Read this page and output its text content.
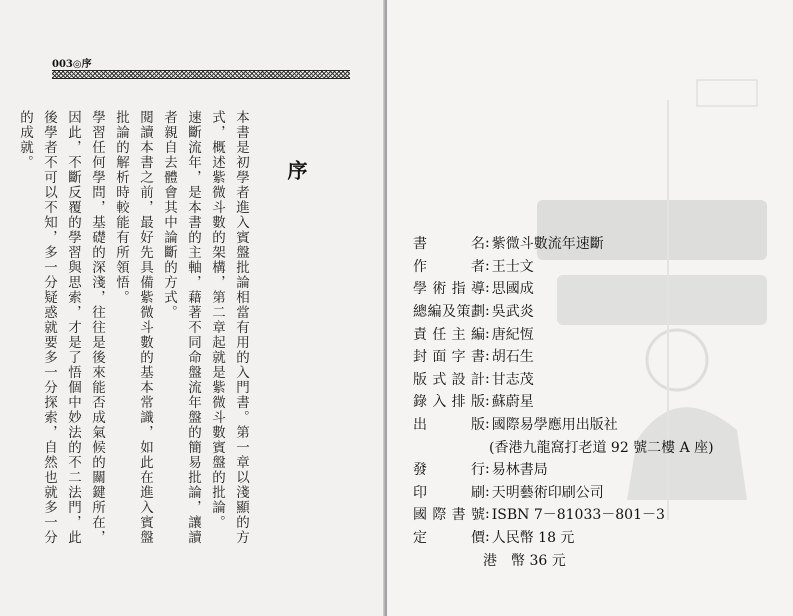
003◎序
序

本書是初學者進入賓盤批論相當有用的入門書。第一章以淺顯的方式，概述紫微斗數的架構，第二章起就是紫微斗數賓盤的批論。

速斷流年，是本書的主軸，藉著不同命盤流年盤的簡易批論，讓讀者親自去體會其中論斷的方式。

閱讀本書之前，最好先具備紫微斗數的基本常識，如此在進入賓盤批論的解析時較能有所領悟。

學習任何學問，基礎的深淺，往往是後來能否成氣候的關鍵所在，因此，不斷反覆的學習與思索，才是了悟個中妙法的不二法門，此後學者不可以不知，多一分疑惑就要多一分探索，自然也就多一分的成就。

書	名 : 紫微斗數流年速斷
作	者 : 王士文
學 術 指 導 : 思國成
總 編 及 策 劃 : 吳武炎
責 任 主 編 : 唐紀恆
封 面 字 書 : 胡石生
版 式 設 計 : 甘志茂
錄 入 排 版 : 蘇蔚星
出	版 : 國際易學應用出版社
(香港九龍窩打老道 92 號二樓 A 座)
發	行 : 易林書局
印	刷 : 天明藝術印刷公司
國 際 書 號 : ISBN 7－81033－801－3
定	價 : 人民幣 18 元
港　幣 36 元
